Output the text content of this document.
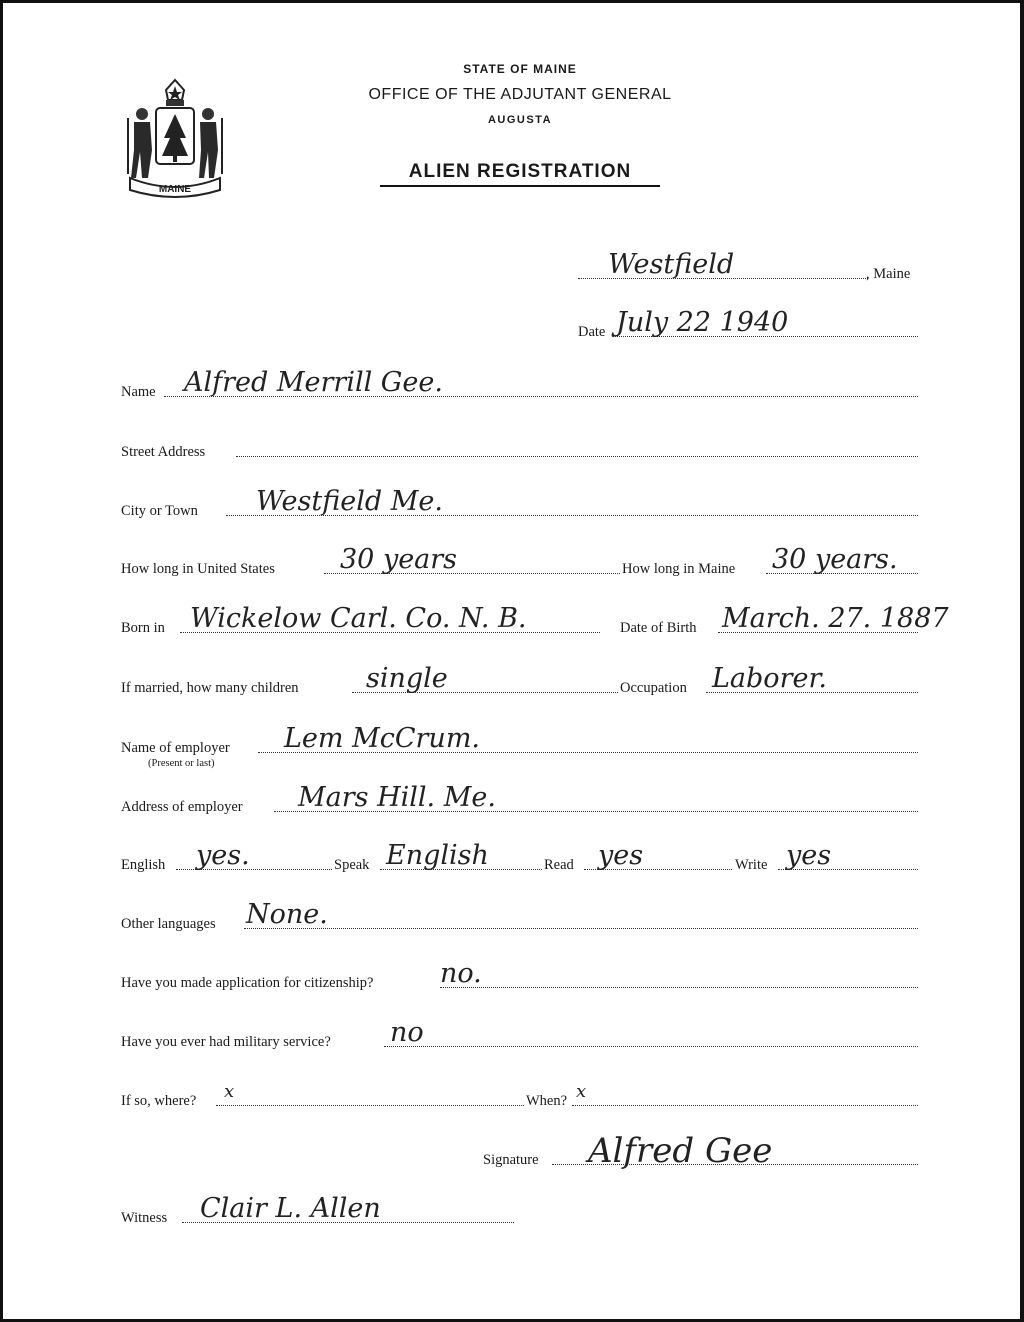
MAINE
STATE OF MAINE
OFFICE OF THE ADJUTANT GENERAL
AUGUSTA
ALIEN REGISTRATION
Westfield	, Maine
Date July 22 1940
Name Alfred Merrill Gee.
Street Address
City or Town Westfield Me.
How long in United States 30 years	How long in Maine 30 years.
Born in Wickelow Carl. Co. N. B.	Date of Birth March. 27. 1887
If married, how many children single	Occupation Laborer.
Name of employer Lem McCrum.
(Present or last)
Address of employer Mars Hill. Me.
English yes.	Speak English	Read yes	Write yes
Other languages None.
Have you made application for citizenship? no.
Have you ever had military service? no
If so, where? x	When? x
Signature Alfred Gee
Witness Clair L. Allen
